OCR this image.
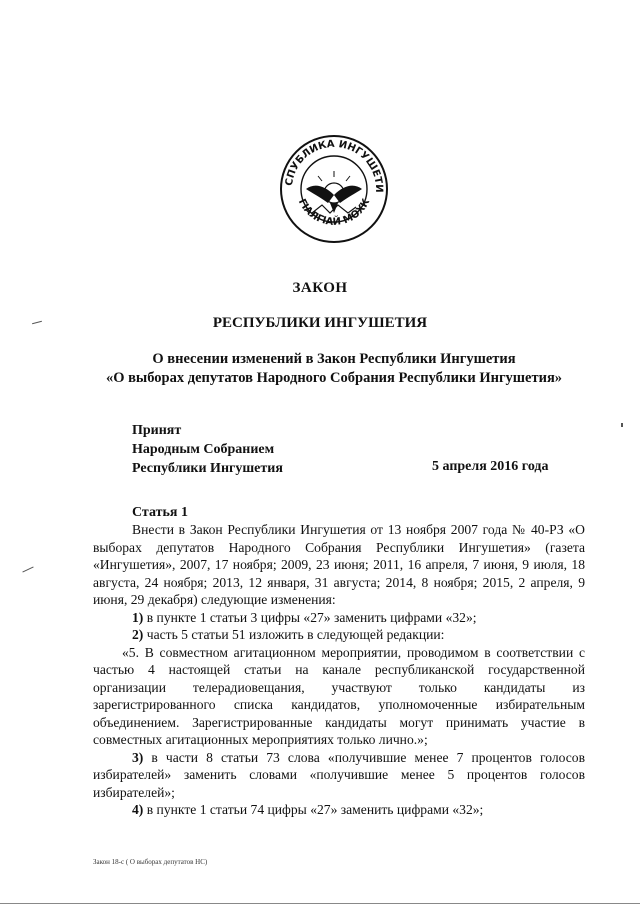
СПУБЛИКА ИНГУШЕТИ
ГІАЛГІАЙ МОХК
ЗАКОН
РЕСПУБЛИКИ ИНГУШЕТИЯ
О внесении изменений в Закон Республики Ингушетия
«О выборах депутатов Народного Собрания Республики Ингушетия»
Принят
Народным Собранием
Республики Ингушетия	5 апреля 2016 года
Статья 1

Внести в Закон Республики Ингушетия от 13 ноября 2007 года № 40-РЗ «О выборах депутатов Народного Собрания Республики Ингушетия» (газета «Ингушетия», 2007, 17 ноября; 2009, 23 июня; 2011, 16 апреля, 7 июня, 9 июля, 18 августа, 24 ноября; 2013, 12 января, 31 августа; 2014, 8 ноября; 2015, 2 апреля, 9 июня, 29 декабря) следующие изменения:

1) в пункте 1 статьи 3 цифры «27» заменить цифрами «32»;

2) часть 5 статьи 51 изложить в следующей редакции:

«5. В совместном агитационном мероприятии, проводимом в соответствии с частью 4 настоящей статьи на канале республиканской государственной организации телерадиовещания, участвуют только кандидаты из зарегистрированного списка кандидатов, уполномоченные избирательным объединением. Зарегистрированные кандидаты могут принимать участие в совместных агитационных мероприятиях только лично.»;

3) в части 8 статьи 73 слова «получившие менее 7 процентов голосов избирателей» заменить словами «получившие менее 5 процентов голосов избирателей»;

4) в пункте 1 статьи 74 цифры «27» заменить цифрами «32»;

Закон 18-с ( О выборах депутатов НС)
